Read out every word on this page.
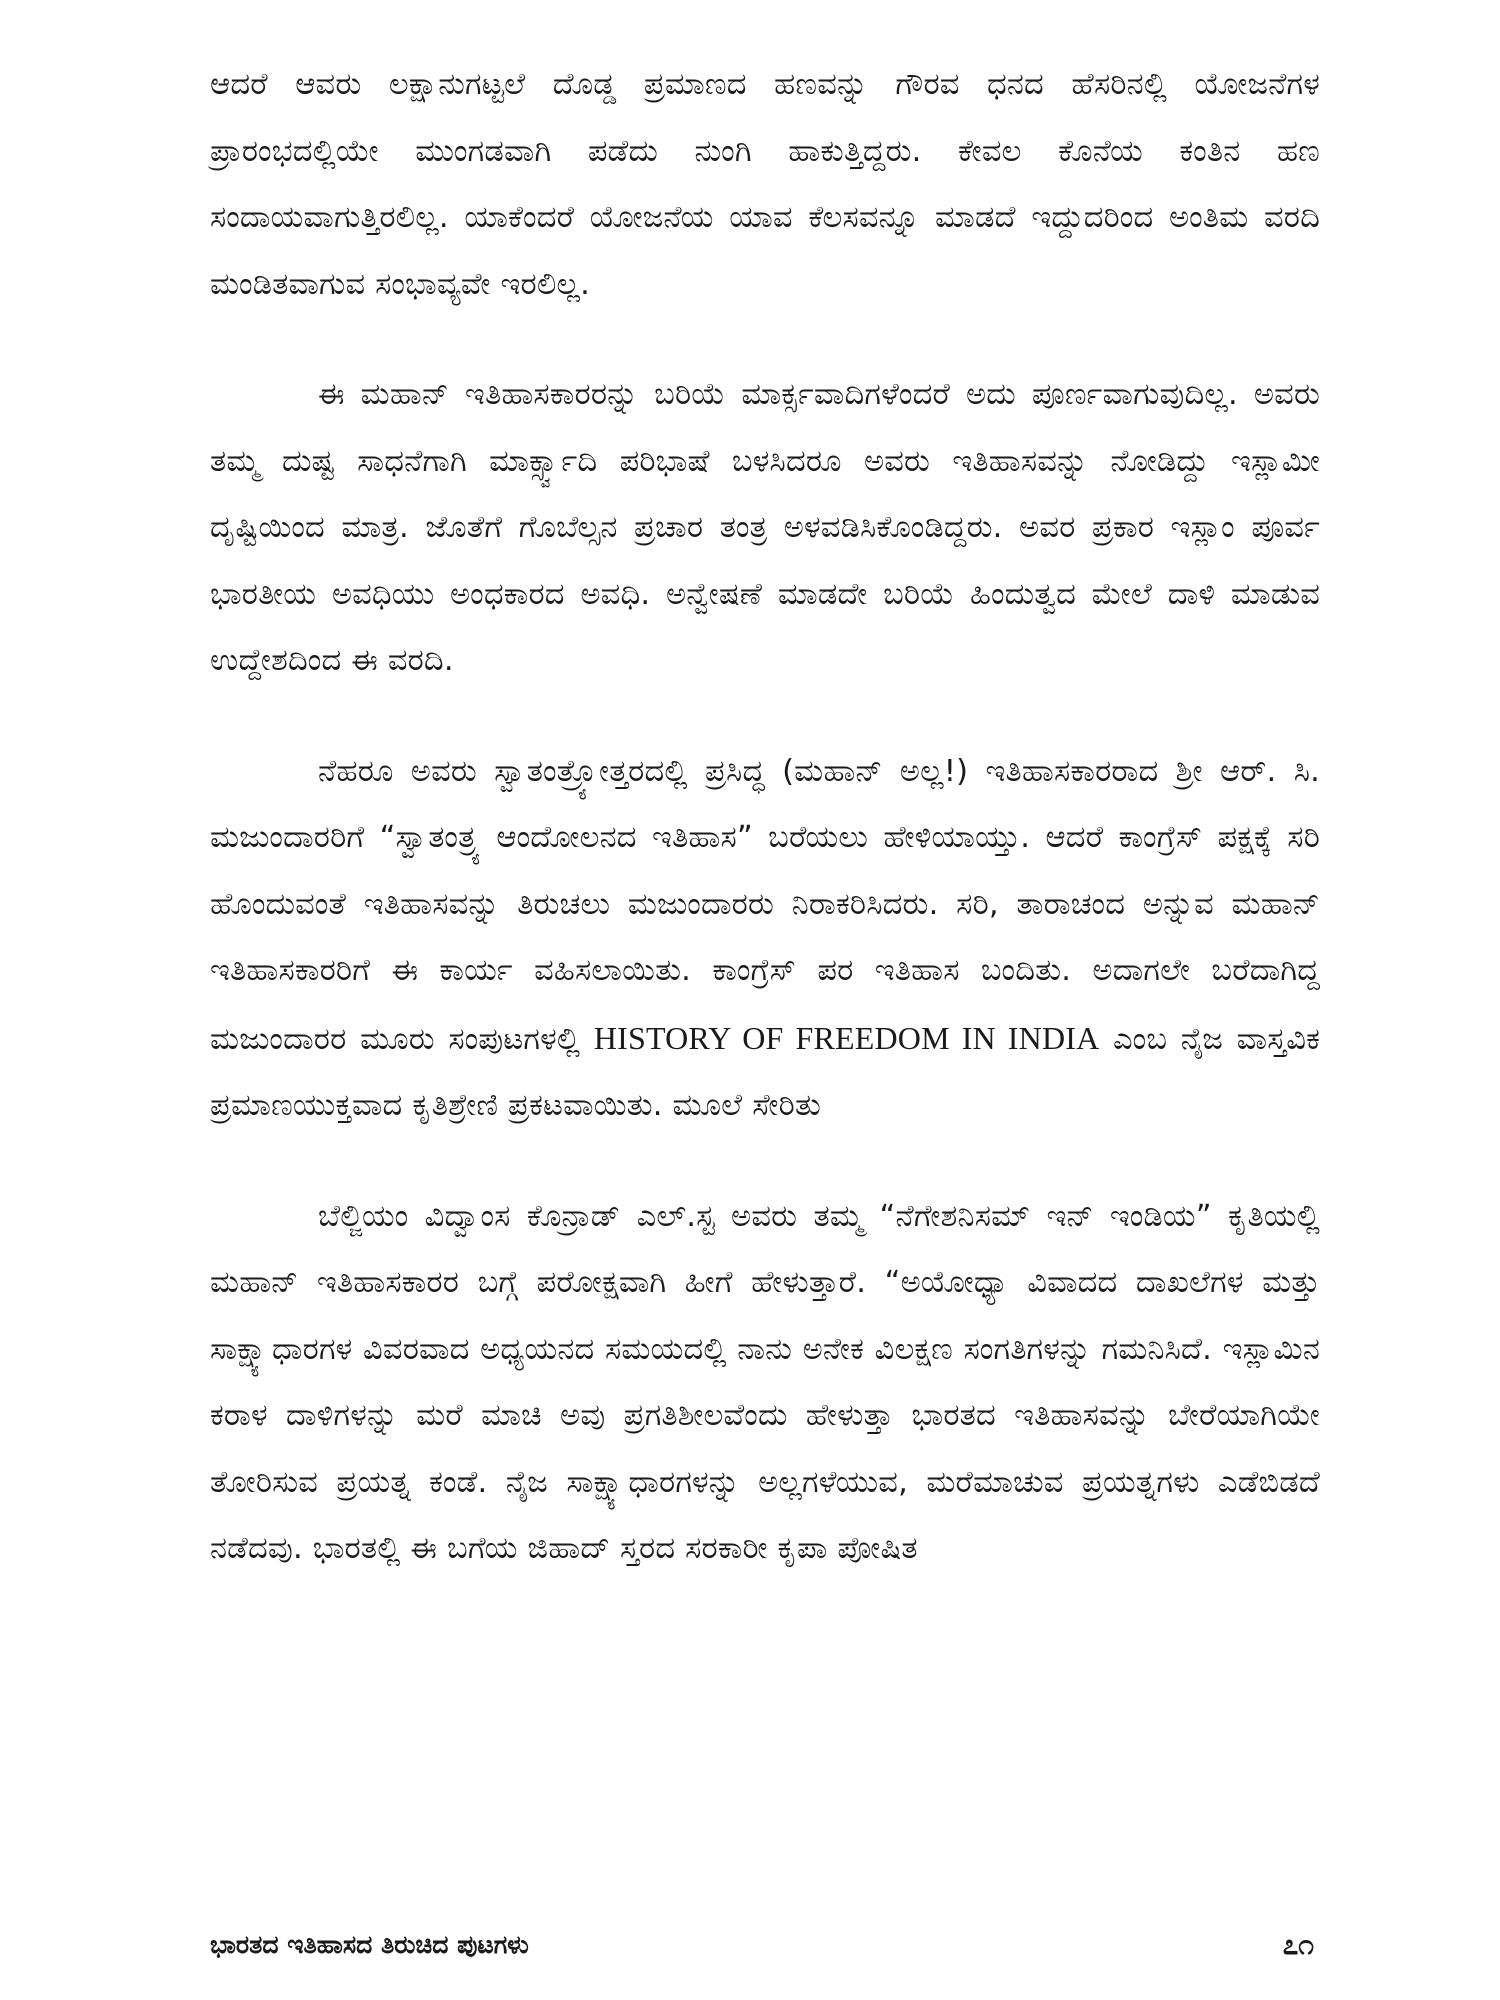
ಆದರೆ ಆವರು ಲಕ್ಷಾನುಗಟ್ಟಲೆ ದೊಡ್ಡ ಪ್ರಮಾಣದ ಹಣವನ್ನು ಗೌರವ ಧನದ ಹೆಸರಿನಲ್ಲಿ ಯೋಜನೆಗಳ ಪ್ರಾರಂಭದಲ್ಲಿಯೇ ಮುಂಗಡವಾಗಿ ಪಡೆದು ನುಂಗಿ ಹಾಕುತ್ತಿದ್ದರು. ಕೇವಲ ಕೊನೆಯ ಕಂತಿನ ಹಣ ಸಂದಾಯವಾಗುತ್ತಿರಲಿಲ್ಲ. ಯಾಕೆಂದರೆ ಯೋಜನೆಯ ಯಾವ ಕೆಲಸವನ್ನೂ ಮಾಡದೆ ಇದ್ದುದರಿಂದ ಅಂತಿಮ ವರದಿ ಮಂಡಿತವಾಗುವ ಸಂಭಾವ್ಯವೇ ಇರಲಿಲ್ಲ.

ಈ ಮಹಾನ್ ಇತಿಹಾಸಕಾರರನ್ನು ಬರಿಯೆ ಮಾರ್ಕ್ಸವಾದಿಗಳೆಂದರೆ ಅದು ಪೂರ್ಣವಾಗುವುದಿಲ್ಲ. ಅವರು ತಮ್ಮ ದುಷ್ಟ ಸಾಧನೆಗಾಗಿ ಮಾರ್ಕ್ಸ್ವಾದಿ ಪರಿಭಾಷೆ ಬಳಸಿದರೂ ಅವರು ಇತಿಹಾಸವನ್ನು ನೋಡಿದ್ದು ಇಸ್ಲಾಮೀ ದೃಷ್ಟಿಯಿಂದ ಮಾತ್ರ. ಜೊತೆಗೆ ಗೊಬೆಲ್ಸನ ಪ್ರಚಾರ ತಂತ್ರ ಅಳವಡಿಸಿಕೊಂಡಿದ್ದರು. ಅವರ ಪ್ರಕಾರ ಇಸ್ಲಾಂ ಪೂರ್ವ ಭಾರತೀಯ ಅವಧಿಯು ಅಂಧಕಾರದ ಅವಧಿ. ಅನ್ವೇಷಣೆ ಮಾಡದೇ ಬರಿಯೆ ಹಿಂದುತ್ವದ ಮೇಲೆ ದಾಳಿ ಮಾಡುವ ಉದ್ದೇಶದಿಂದ ಈ ವರದಿ.

ನೆಹರೂ ಅವರು ಸ್ವಾತಂತ್ರ್ಯೋತ್ತರದಲ್ಲಿ ಪ್ರಸಿದ್ಧ (ಮಹಾನ್ ಅಲ್ಲ!) ಇತಿಹಾಸಕಾರರಾದ ಶ್ರೀ ಆರ್. ಸಿ. ಮಜುಂದಾರರಿಗೆ “ಸ್ವಾತಂತ್ರ್ಯ ಆಂದೋಲನದ ಇತಿಹಾಸ” ಬರೆಯಲು ಹೇಳಿಯಾಯ್ತು. ಆದರೆ ಕಾಂಗ್ರೆಸ್ ಪಕ್ಷಕ್ಕೆ ಸರಿ ಹೊಂದುವಂತೆ ಇತಿಹಾಸವನ್ನು ತಿರುಚಲು ಮಜುಂದಾರರು ನಿರಾಕರಿಸಿದರು. ಸರಿ, ತಾರಾಚಂದ ಅನ್ನುವ ಮಹಾನ್ ಇತಿಹಾಸಕಾರರಿಗೆ ಈ ಕಾರ್ಯ ವಹಿಸಲಾಯಿತು. ಕಾಂಗ್ರೆಸ್ ಪರ ಇತಿಹಾಸ ಬಂದಿತು. ಅದಾಗಲೇ ಬರೆದಾಗಿದ್ದ ಮಜುಂದಾರರ ಮೂರು ಸಂಪುಟಗಳಲ್ಲಿ HISTORY OF FREEDOM IN INDIA ಎಂಬ ನೈಜ ವಾಸ್ತವಿಕ ಪ್ರಮಾಣಯುಕ್ತವಾದ ಕೃತಿಶ್ರೇಣಿ ಪ್ರಕಟವಾಯಿತು. ಮೂಲೆ ಸೇರಿತು

ಬೆಲ್ಜಿಯಂ ವಿದ್ವಾಂಸ ಕೊನ್ರಾಡ್ ಎಲ್.ಸ್ಟ ಅವರು ತಮ್ಮ “ನೆಗೇಶನಿಸಮ್ ಇನ್ ಇಂಡಿಯ” ಕೃತಿಯಲ್ಲಿ ಮಹಾನ್ ಇತಿಹಾಸಕಾರರ ಬಗ್ಗೆ ಪರೋಕ್ಷವಾಗಿ ಹೀಗೆ ಹೇಳುತ್ತಾರೆ. “ಅಯೋಧ್ಯಾ ವಿವಾದದ ದಾಖಲೆಗಳ ಮತ್ತು ಸಾಕ್ಷ್ಯಾಧಾರಗಳ ವಿವರವಾದ ಅಧ್ಯಯನದ ಸಮಯದಲ್ಲಿ ನಾನು ಅನೇಕ ವಿಲಕ್ಷಣ ಸಂಗತಿಗಳನ್ನು ಗಮನಿಸಿದೆ. ಇಸ್ಲಾಮಿನ ಕರಾಳ ದಾಳಿಗಳನ್ನು ಮರೆ ಮಾಚಿ ಅವು ಪ್ರಗತಿಶೀಲವೆಂದು ಹೇಳುತ್ತಾ ಭಾರತದ ಇತಿಹಾಸವನ್ನು ಬೇರೆಯಾಗಿಯೇ ತೋರಿಸುವ ಪ್ರಯತ್ನ ಕಂಡೆ. ನೈಜ ಸಾಕ್ಷ್ಯಾಧಾರಗಳನ್ನು ಅಲ್ಲಗಳೆಯುವ, ಮರೆಮಾಚುವ ಪ್ರಯತ್ನಗಳು ಎಡೆಬಿಡದೆ ನಡೆದವು. ಭಾರತಲ್ಲಿ ಈ ಬಗೆಯ ಜಿಹಾದ್ ಸ್ತರದ ಸರಕಾರೀ ಕೃಪಾ ಪೋಷಿತ

ಭಾರತದ ಇತಿಹಾಸದ ತಿರುಚಿದ ಪುಟಗಳು	೭೧
